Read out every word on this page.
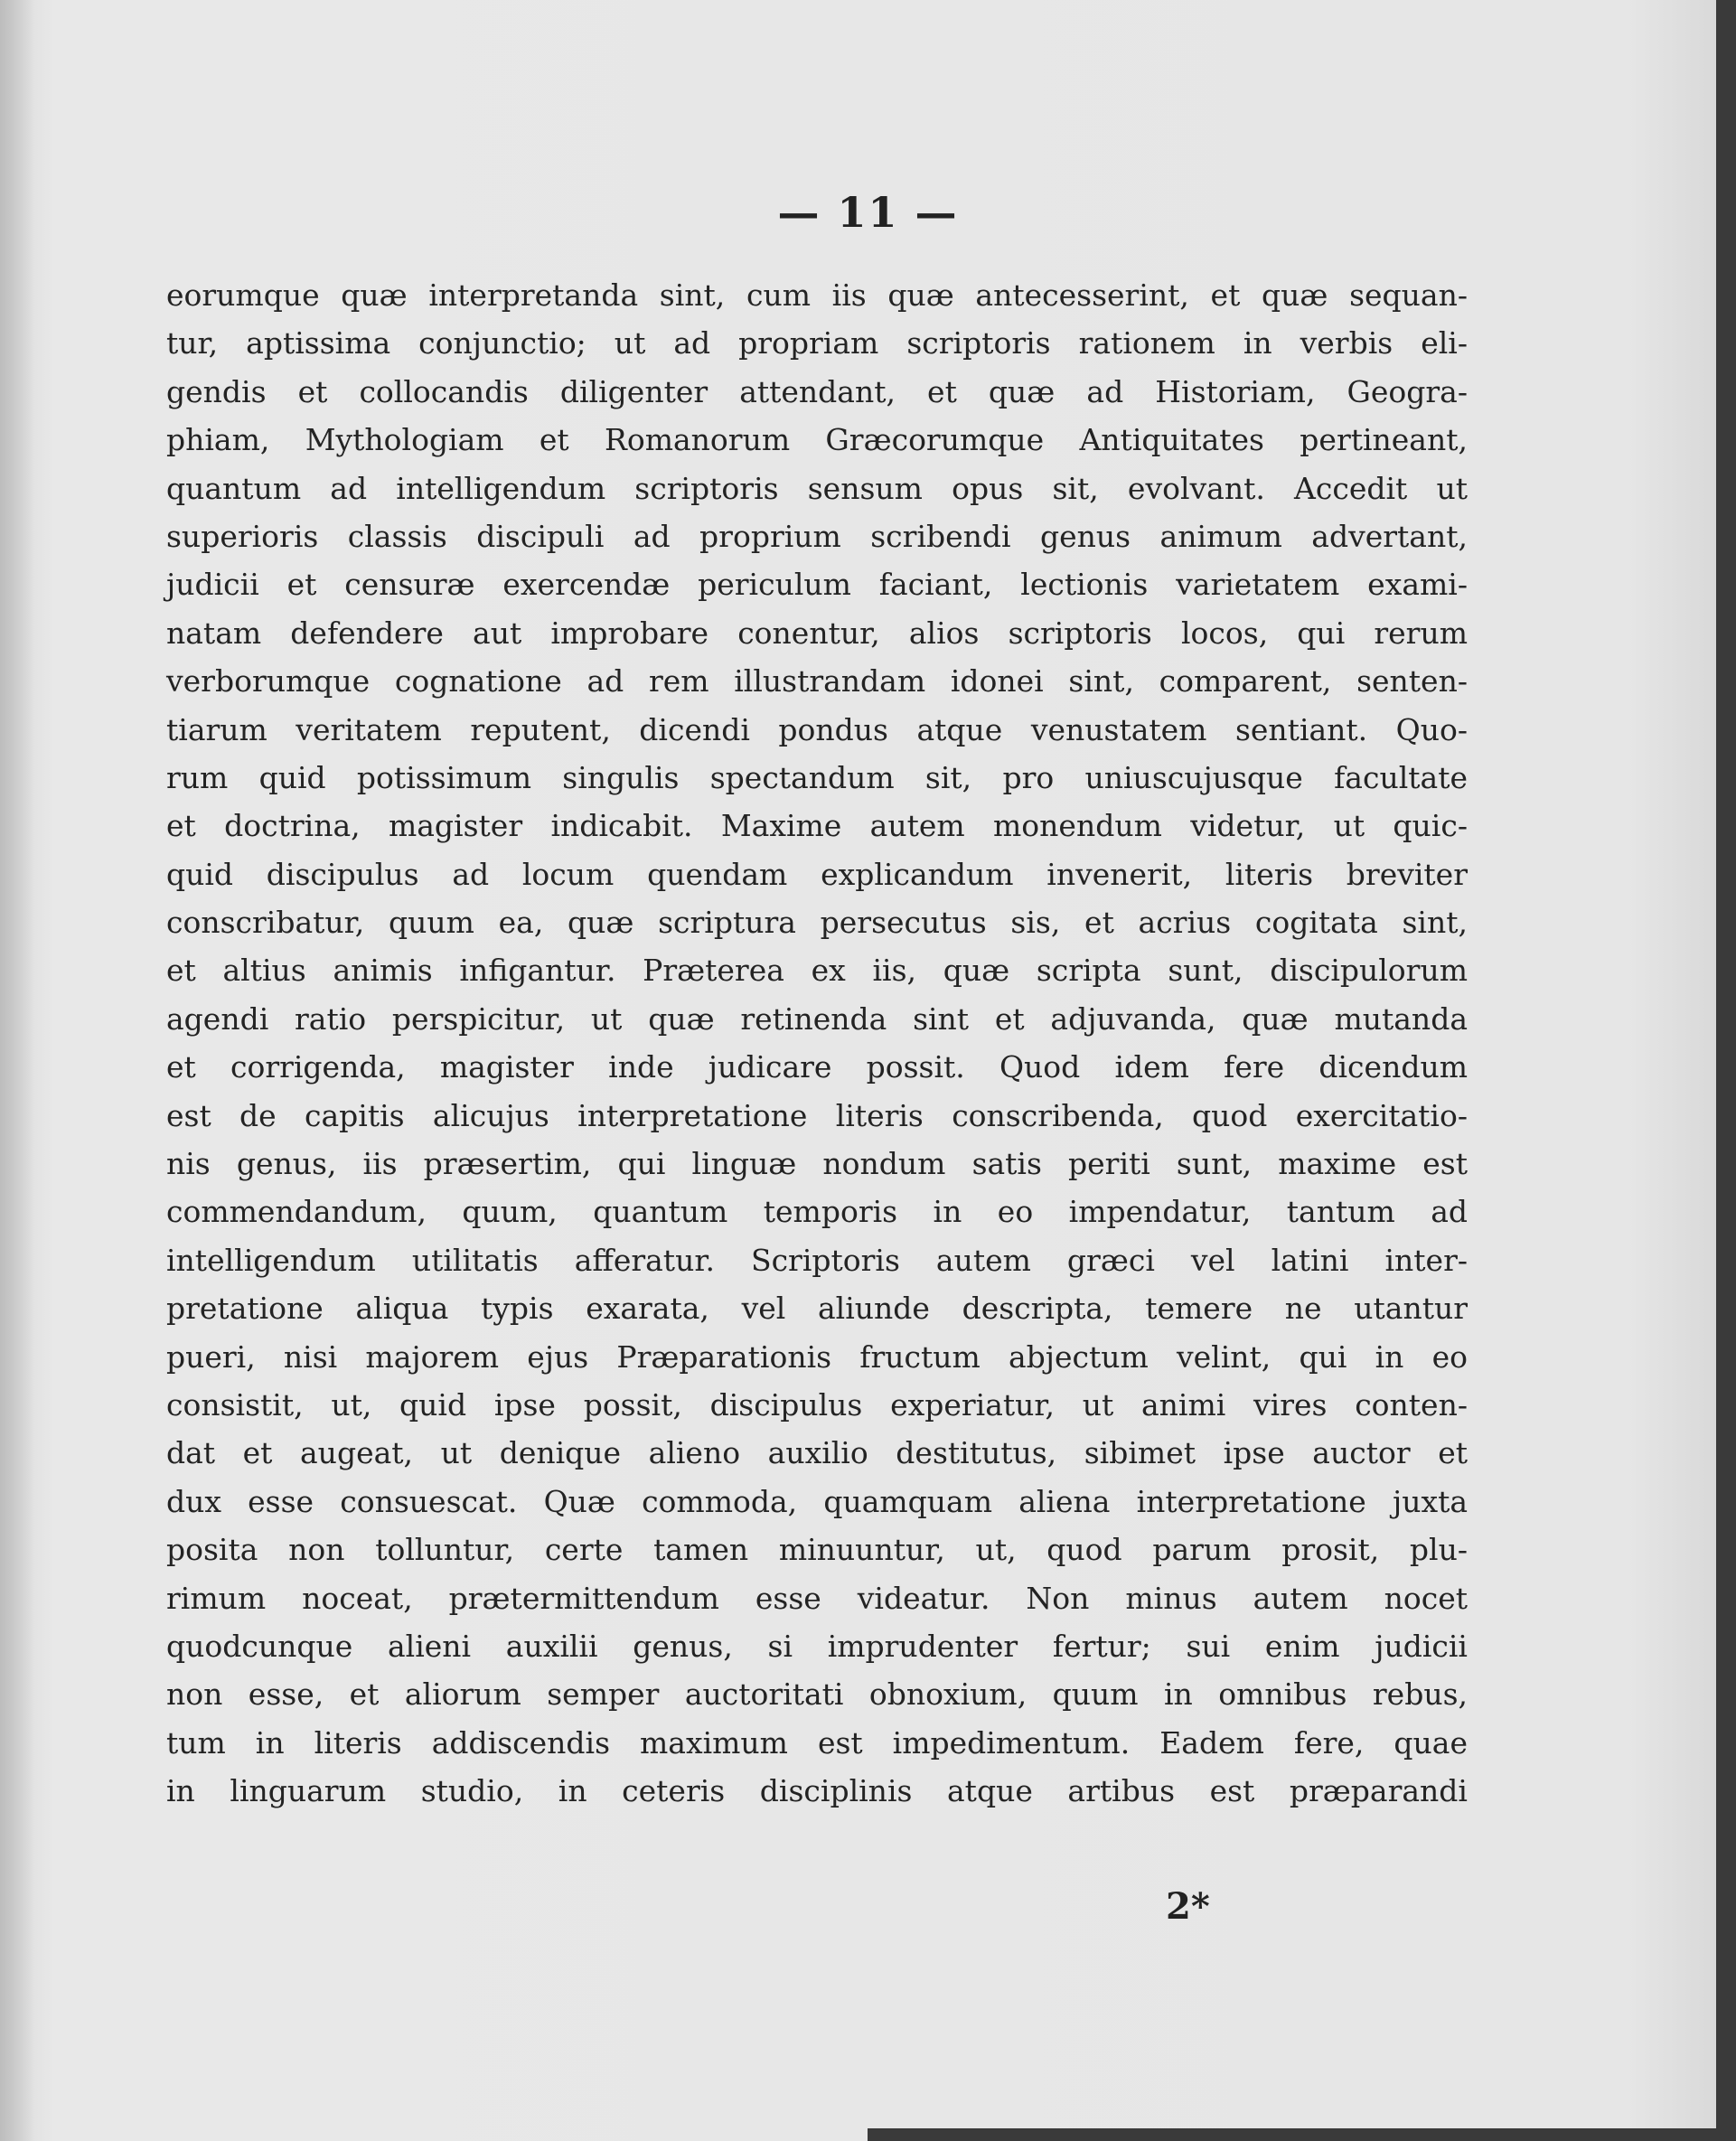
— 11 —
eorumque quæ interpretanda sint, cum iis quæ antecesserint, et quæ sequan-
tur, aptissima conjunctio; ut ad propriam scriptoris rationem in verbis eli-
gendis et collocandis diligenter attendant, et quæ ad Historiam, Geogra-
phiam, Mythologiam et Romanorum Græcorumque Antiquitates pertineant,
quantum ad intelligendum scriptoris sensum opus sit, evolvant. Accedit ut
superioris classis discipuli ad proprium scribendi genus animum advertant,
judicii et censuræ exercendæ periculum faciant, lectionis varietatem exami-
natam defendere aut improbare conentur, alios scriptoris locos, qui rerum
verborumque cognatione ad rem illustrandam idonei sint, comparent, senten-
tiarum veritatem reputent, dicendi pondus atque venustatem sentiant. Quo-
rum quid potissimum singulis spectandum sit, pro uniuscujusque facultate
et doctrina, magister indicabit. Maxime autem monendum videtur, ut quic-
quid discipulus ad locum quendam explicandum invenerit, literis breviter
conscribatur, quum ea, quæ scriptura persecutus sis, et acrius cogitata sint,
et altius animis infigantur. Præterea ex iis, quæ scripta sunt, discipulorum
agendi ratio perspicitur, ut quæ retinenda sint et adjuvanda, quæ mutanda
et corrigenda, magister inde judicare possit. Quod idem fere dicendum
est de capitis alicujus interpretatione literis conscribenda, quod exercitatio-
nis genus, iis præsertim, qui linguæ nondum satis periti sunt, maxime est
commendandum, quum, quantum temporis in eo impendatur, tantum ad
intelligendum utilitatis afferatur. Scriptoris autem græci vel latini inter-
pretatione aliqua typis exarata, vel aliunde descripta, temere ne utantur
pueri, nisi majorem ejus Præparationis fructum abjectum velint, qui in eo
consistit, ut, quid ipse possit, discipulus experiatur, ut animi vires conten-
dat et augeat, ut denique alieno auxilio destitutus, sibimet ipse auctor et
dux esse consuescat. Quæ commoda, quamquam aliena interpretatione juxta
posita non tolluntur, certe tamen minuuntur, ut, quod parum prosit, plu-
rimum noceat, prætermittendum esse videatur. Non minus autem nocet
quodcunque alieni auxilii genus, si imprudenter fertur; sui enim judicii
non esse, et aliorum semper auctoritati obnoxium, quum in omnibus rebus,
tum in literis addiscendis maximum est impedimentum. Eadem fere, quae
in linguarum studio, in ceteris disciplinis atque artibus est præparandi
2*
